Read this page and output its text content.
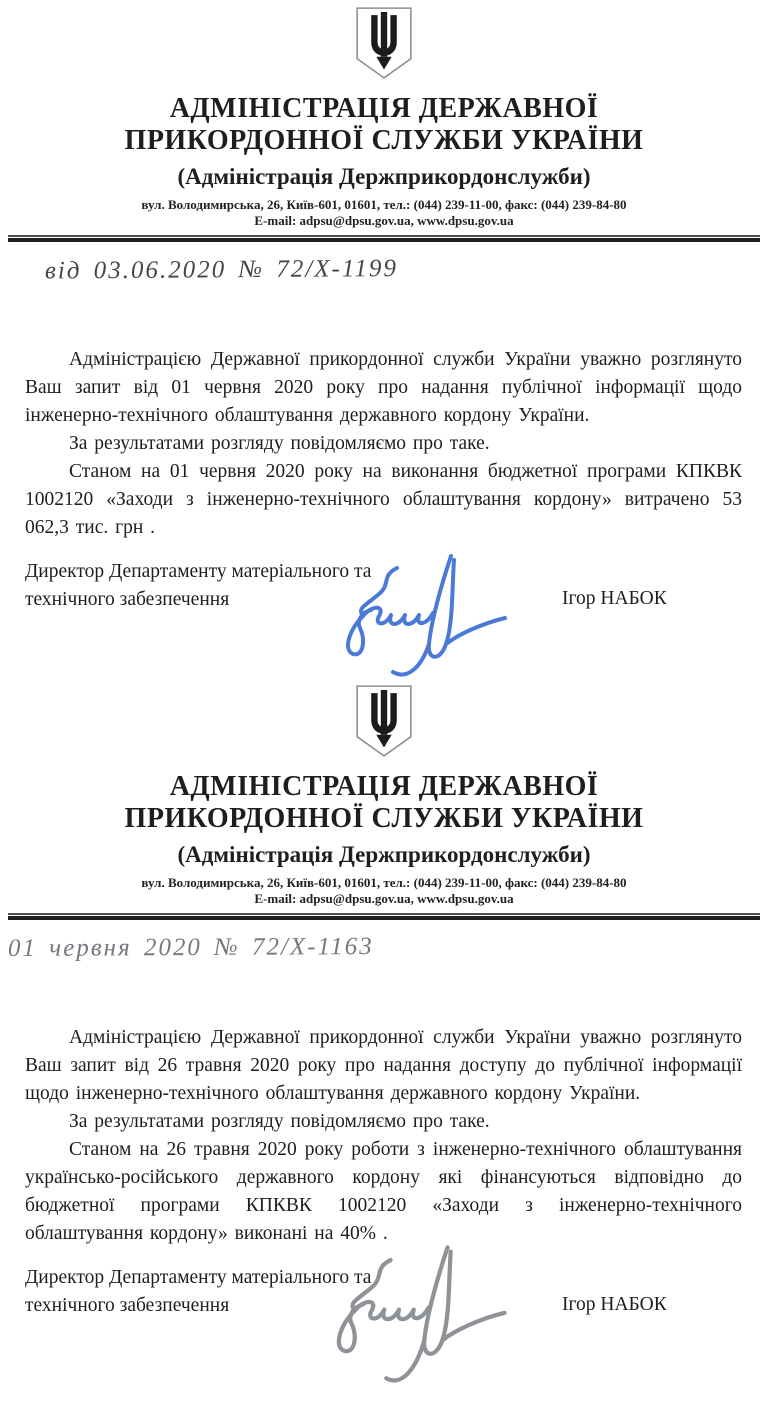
АДМІНІСТРАЦІЯ ДЕРЖАВНОЇ
ПРИКОРДОННОЇ СЛУЖБИ УКРАЇНИ
(Адміністрація Держприкордонслужби)
вул. Володимирська, 26, Київ-601, 01601, тел.: (044) 239-11-00, факс: (044) 239-84-80
E-mail: adpsu@dpsu.gov.ua, www.dpsu.gov.ua
від 03.06.2020 № 72/Х-1199

Адміністрацією Державної прикордонної служби України уважно розглянуто Ваш запит від 01 червня 2020 року про надання публічної інформації щодо інженерно-технічного облаштування державного кордону України.

За результатами розгляду повідомляємо про таке.

Станом на 01 червня 2020 року на виконання бюджетної програми КПКВК 1002120 «Заходи з інженерно-технічного облаштування кордону» витрачено 53 062,3 тис. грн .

Директор Департаменту матеріального та
технічного забезпечення	Ігор НАБОК
АДМІНІСТРАЦІЯ ДЕРЖАВНОЇ
ПРИКОРДОННОЇ СЛУЖБИ УКРАЇНИ
(Адміністрація Держприкордонслужби)
вул. Володимирська, 26, Київ-601, 01601, тел.: (044) 239-11-00, факс: (044) 239-84-80
E-mail: adpsu@dpsu.gov.ua, www.dpsu.gov.ua
01 червня 2020 № 72/Х-1163

Адміністрацією Державної прикордонної служби України уважно розглянуто Ваш запит від 26 травня 2020 року про надання доступу до публічної інформації щодо інженерно-технічного облаштування державного кордону України.

За результатами розгляду повідомляємо про таке.

Станом на 26 травня 2020 року роботи з інженерно-технічного облаштування українсько-російського державного кордону які фінансуються відповідно до бюджетної програми КПКВК 1002120 «Заходи з інженерно-технічного облаштування кордону» виконані на 40% .

Директор Департаменту матеріального та
технічного забезпечення	Ігор НАБОК
